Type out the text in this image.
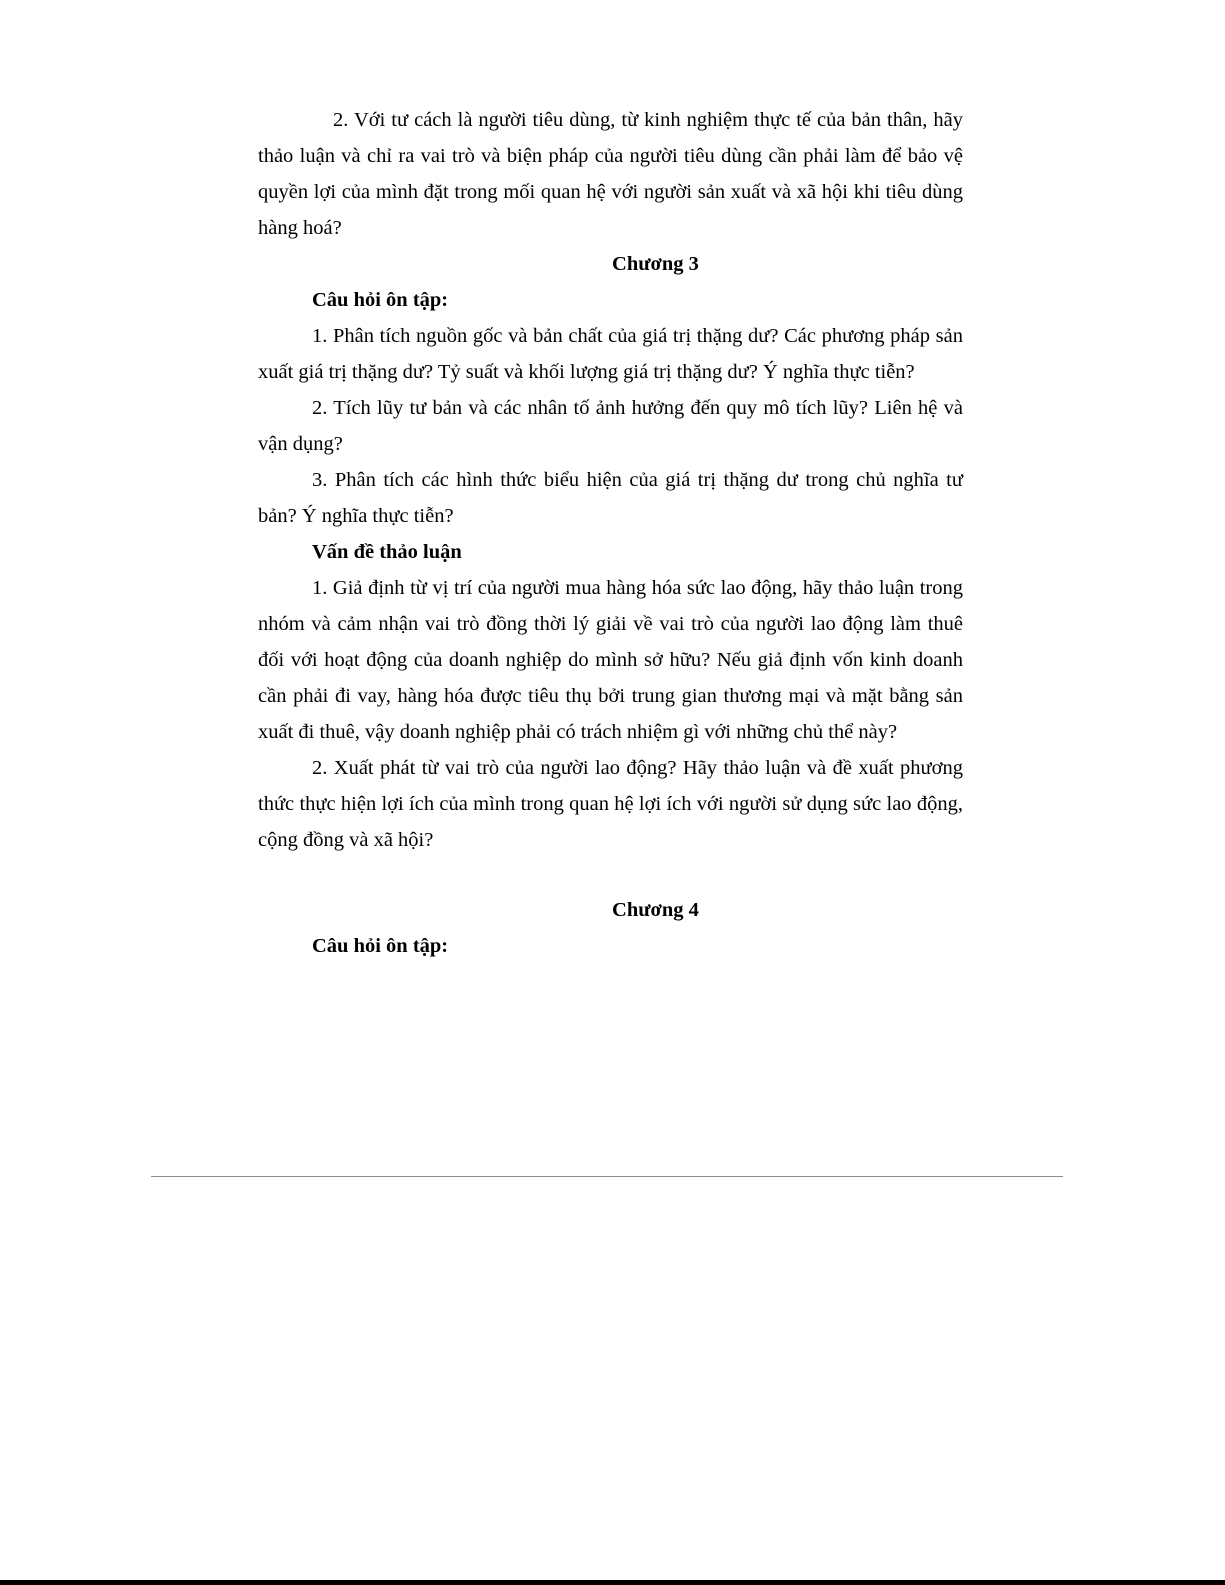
2. Với tư cách là người tiêu dùng, từ kinh nghiệm thực tế của bản thân, hãy thảo luận và chỉ ra vai trò và biện pháp của người tiêu dùng cần phải làm để bảo vệ quyền lợi của mình đặt trong mối quan hệ với người sản xuất và xã hội khi tiêu dùng hàng hoá?

Chương 3

Câu hỏi ôn tập:

1. Phân tích nguồn gốc và bản chất của giá trị thặng dư? Các phương pháp sản xuất giá trị thặng dư? Tỷ suất và khối lượng giá trị thặng dư? Ý nghĩa thực tiễn?

2. Tích lũy tư bản và các nhân tố ảnh hưởng đến quy mô tích lũy? Liên hệ và vận dụng?

3. Phân tích các hình thức biểu hiện của giá trị thặng dư trong chủ nghĩa tư bản? Ý nghĩa thực tiễn?

Vấn đề thảo luận

1. Giả định từ vị trí của người mua hàng hóa sức lao động, hãy thảo luận trong nhóm và cảm nhận vai trò đồng thời lý giải về vai trò của người lao động làm thuê đối với hoạt động của doanh nghiệp do mình sở hữu? Nếu giả định vốn kinh doanh cần phải đi vay, hàng hóa được tiêu thụ bởi trung gian thương mại và mặt bằng sản xuất đi thuê, vậy doanh nghiệp phải có trách nhiệm gì với những chủ thể này?

2. Xuất phát từ vai trò của người lao động? Hãy thảo luận và đề xuất phương thức thực hiện lợi ích của mình trong quan hệ lợi ích với người sử dụng sức lao động, cộng đồng và xã hội?

Chương 4

Câu hỏi ôn tập:
